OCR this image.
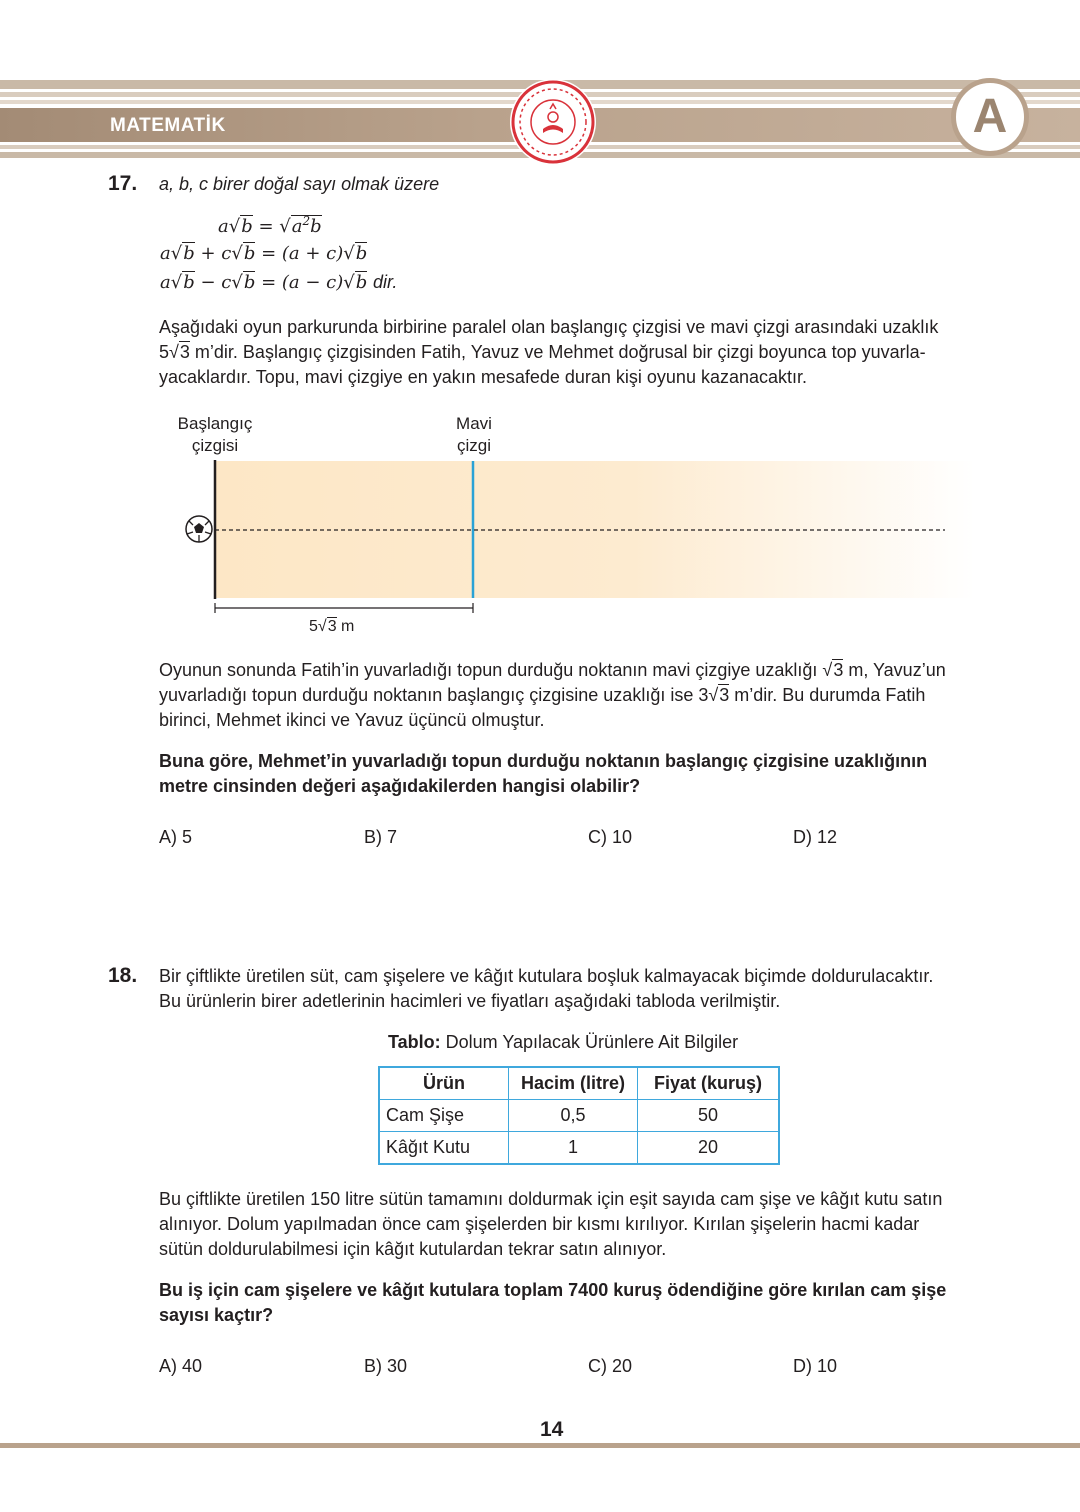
MATEMATİK	A
17. a, b, c birer doğal sayı olmak üzere
$a√b = √a^2b$
a√b + c√b = (a + c)√b
a√b − c√b = (a − c)√b dir.
Aşağıdaki oyun parkurunda birbirine paralel olan başlangıç çizgisi ve mavi çizgi arasındaki uzaklık
5√3 m’dir. Başlangıç çizgisinden Fatih, Yavuz ve Mehmet doğrusal bir çizgi boyunca top yuvarla-
yacaklardır. Topu, mavi çizgiye en yakın mesafede duran kişi oyunu kazanacaktır.
Başlangıç
çizgisi
Mavi
çizgi
5√3 m
Oyunun sonunda Fatih’in yuvarladığı topun durduğu noktanın mavi çizgiye uzaklığı √3 m, Yavuz’un
yuvarladığı topun durduğu noktanın başlangıç çizgisine uzaklığı ise 3√3 m’dir. Bu durumda Fatih
birinci, Mehmet ikinci ve Yavuz üçüncü olmuştur.
Buna göre, Mehmet’in yuvarladığı topun durduğu noktanın başlangıç çizgisine uzaklığının
metre cinsinden değeri aşağıdakilerden hangisi olabilir?
A) 5	B) 7	C) 10	D) 12
18. Bir çiftlikte üretilen süt, cam şişelere ve kâğıt kutulara boşluk kalmayacak biçimde doldurulacaktır.
Bu ürünlerin birer adetlerinin hacimleri ve fiyatları aşağıdaki tabloda verilmiştir.
Tablo: Dolum Yapılacak Ürünlere Ait Bilgiler
Ürün	Hacim (litre)	Fiyat (kuruş)
Cam Şişe	0,5	50
Kâğıt Kutu	1	20
Bu çiftlikte üretilen 150 litre sütün tamamını doldurmak için eşit sayıda cam şişe ve kâğıt kutu satın
alınıyor. Dolum yapılmadan önce cam şişelerden bir kısmı kırılıyor. Kırılan şişelerin hacmi kadar
sütün doldurulabilmesi için kâğıt kutulardan tekrar satın alınıyor.
Bu iş için cam şişelere ve kâğıt kutulara toplam 7400 kuruş ödendiğine göre kırılan cam şişe
sayısı kaçtır?
A) 40	B) 30	C) 20	D) 10
14
